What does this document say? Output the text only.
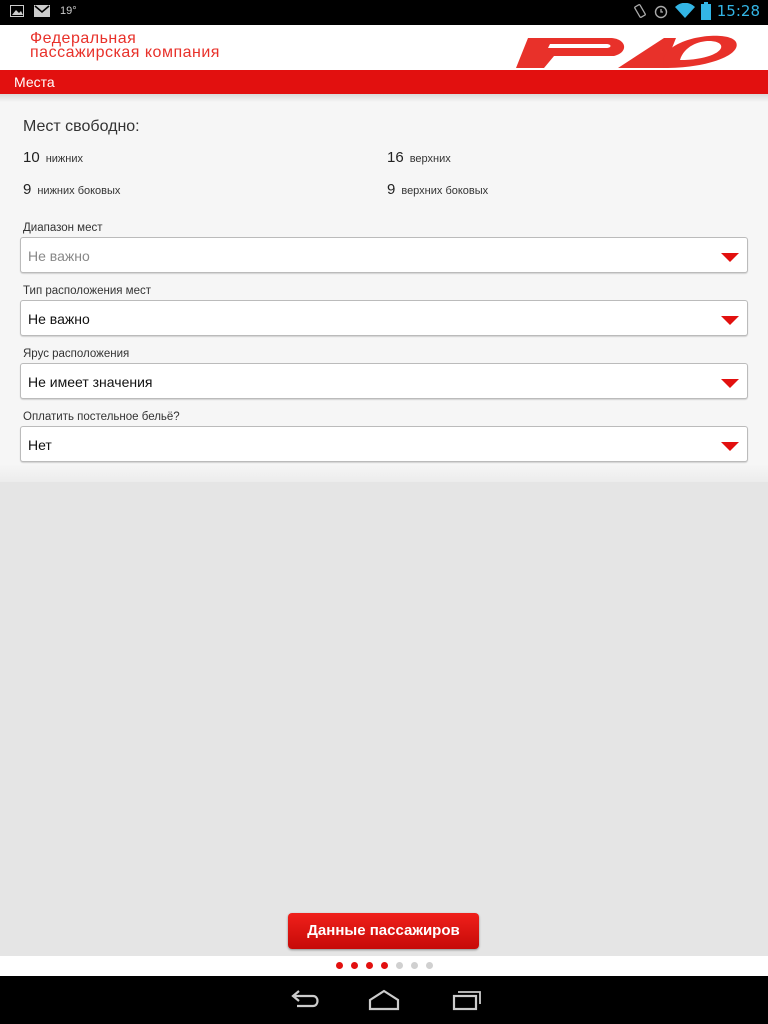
19°	15:28
Федеральная
пассажирская компания
Места
Мест свободно:
10 нижних	16 верхних
9 нижних боковых	9 верхних боковых
Диапазон мест
Не важно
Тип расположения мест
Не важно
Ярус расположения
Не имеет значения
Оплатить постельное бельё?
Нет
Данные пассажиров
